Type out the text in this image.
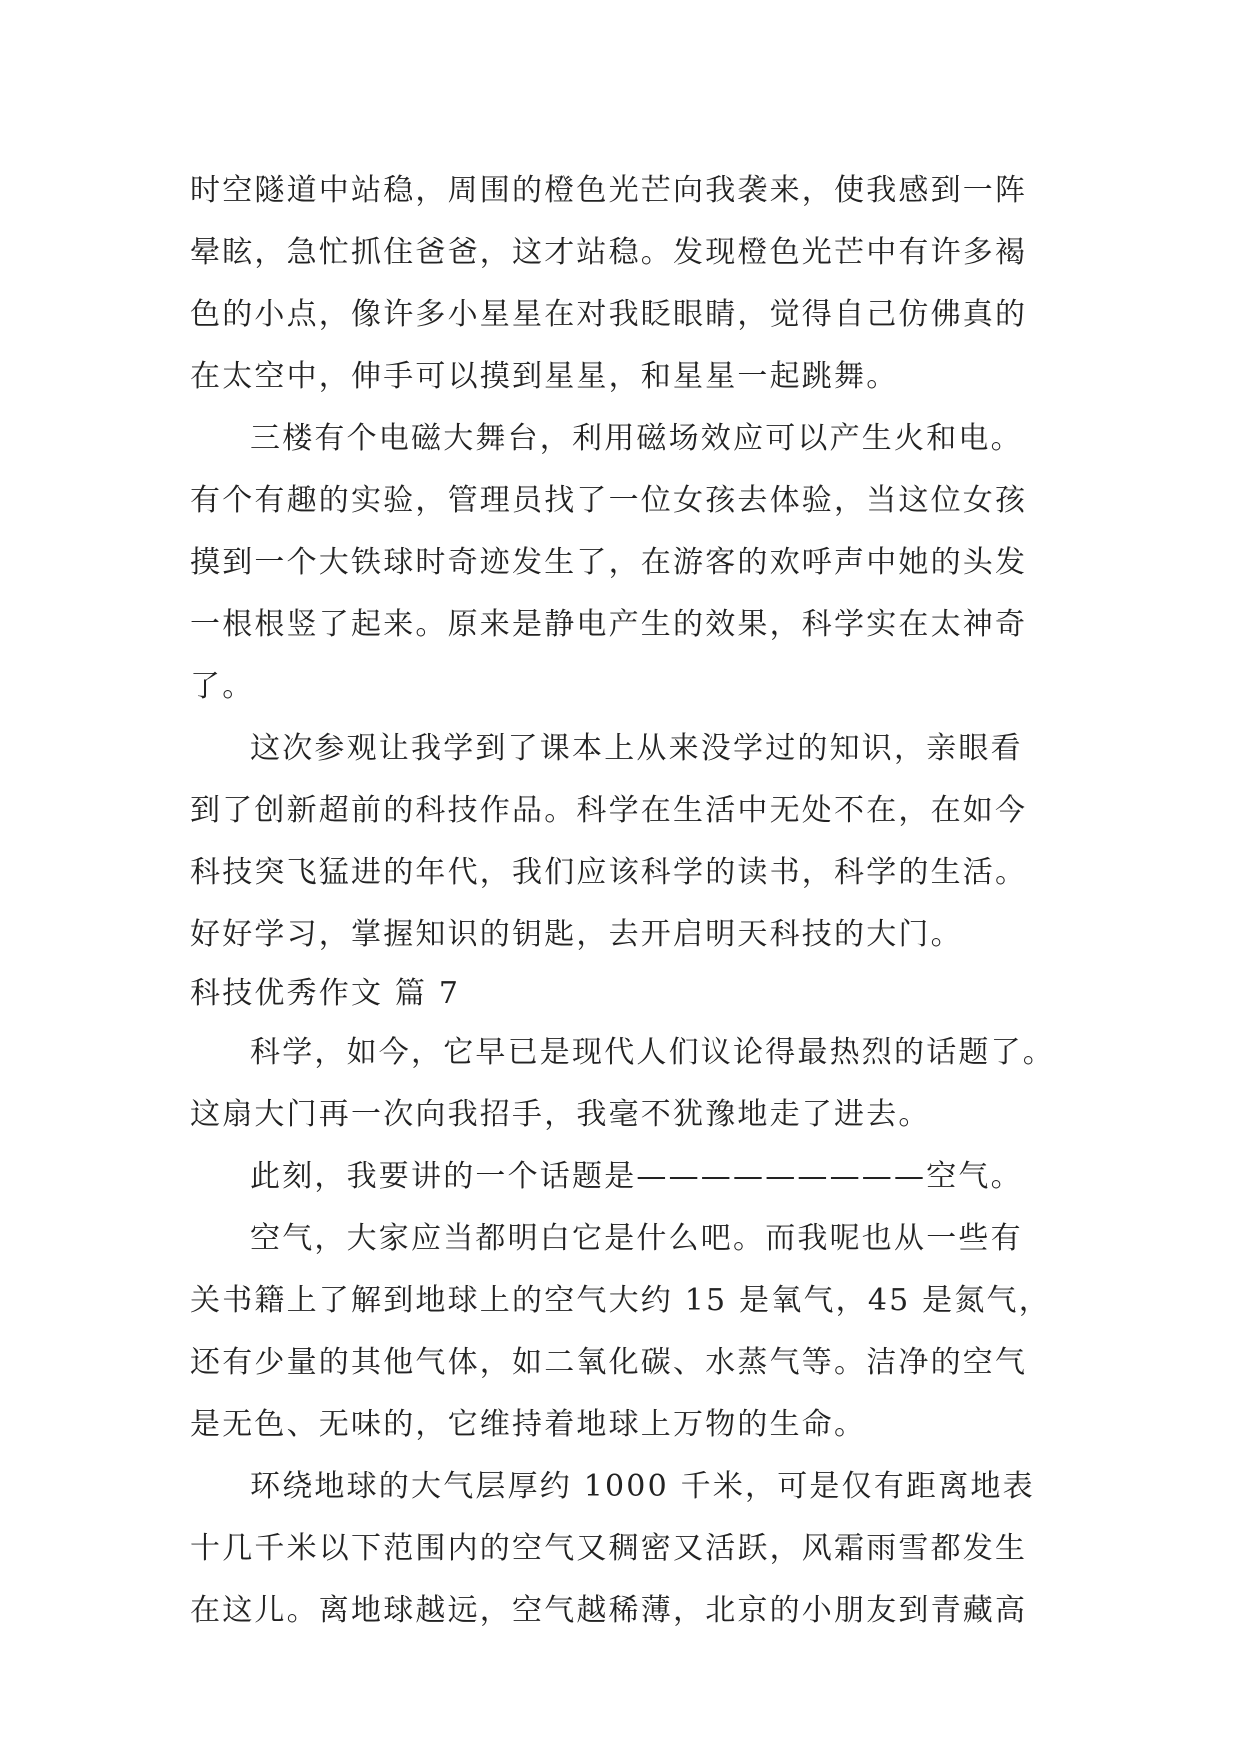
时空隧道中站稳，周围的橙色光芒向我袭来，使我感到一阵
晕眩，急忙抓住爸爸，这才站稳。发现橙色光芒中有许多褐
色的小点，像许多小星星在对我眨眼睛，觉得自己仿佛真的
在太空中，伸手可以摸到星星，和星星一起跳舞。
三楼有个电磁大舞台，利用磁场效应可以产生火和电。
有个有趣的实验，管理员找了一位女孩去体验，当这位女孩
摸到一个大铁球时奇迹发生了，在游客的欢呼声中她的头发
一根根竖了起来。原来是静电产生的效果，科学实在太神奇
了。
这次参观让我学到了课本上从来没学过的知识，亲眼看
到了创新超前的科技作品。科学在生活中无处不在，在如今
科技突飞猛进的年代，我们应该科学的读书，科学的生活。
好好学习，掌握知识的钥匙，去开启明天科技的大门。
科技优秀作文 篇 7
科学，如今，它早已是现代人们议论得最热烈的话题了。
这扇大门再一次向我招手，我毫不犹豫地走了进去。
此刻，我要讲的一个话题是—————————空气。
空气，大家应当都明白它是什么吧。而我呢也从一些有
关书籍上了解到地球上的空气大约 15 是氧气，45 是氮气，
还有少量的其他气体，如二氧化碳、水蒸气等。洁净的空气
是无色、无味的，它维持着地球上万物的生命。
环绕地球的大气层厚约 1000 千米，可是仅有距离地表
十几千米以下范围内的空气又稠密又活跃，风霜雨雪都发生
在这儿。离地球越远，空气越稀薄，北京的小朋友到青藏高
